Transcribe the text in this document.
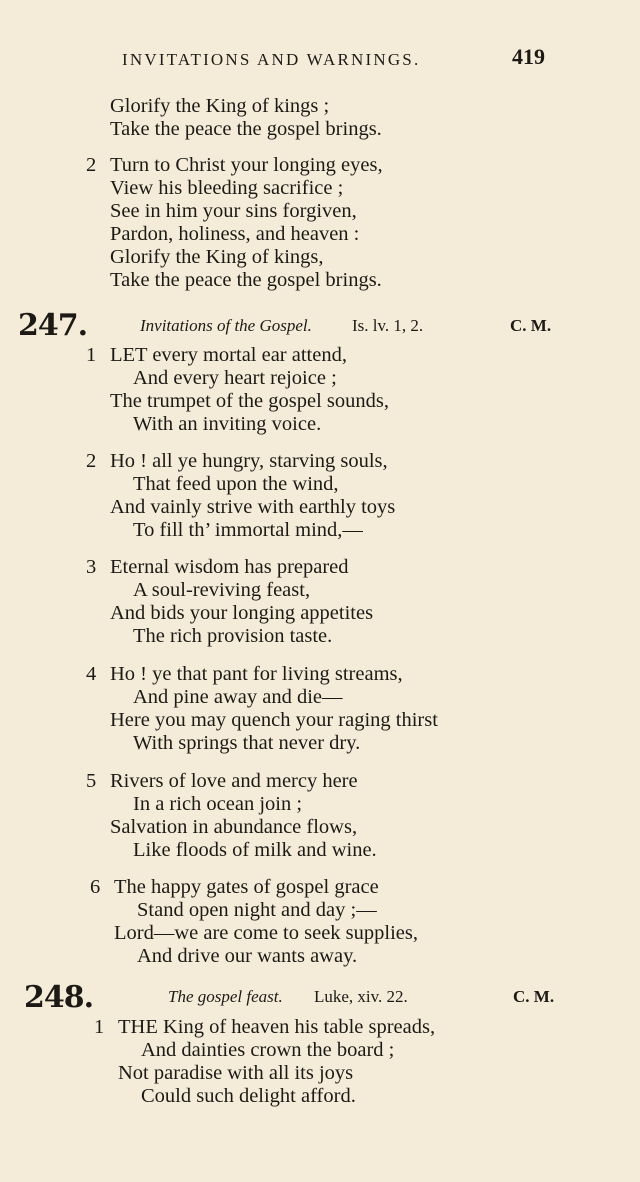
INVITATIONS AND WARNINGS.	419
Glorify the King of kings ;
Take the peace the gospel brings.
2 Turn to Christ your longing eyes,
View his bleeding sacrifice ;
See in him your sins forgiven,
Pardon, holiness, and heaven :
Glorify the King of kings,
Take the peace the gospel brings.
247.	Invitations of the Gospel. Is. lv. 1, 2.	C. M.
1 LET every mortal ear attend,
And every heart rejoice ;
The trumpet of the gospel sounds,
With an inviting voice.
2 Ho ! all ye hungry, starving souls,
That feed upon the wind,
And vainly strive with earthly toys
To fill th’ immortal mind,—
3 Eternal wisdom has prepared
A soul-reviving feast,
And bids your longing appetites
The rich provision taste.
4 Ho ! ye that pant for living streams,
And pine away and die—
Here you may quench your raging thirst
With springs that never dry.
5 Rivers of love and mercy here
In a rich ocean join ;
Salvation in abundance flows,
Like floods of milk and wine.
6 The happy gates of gospel grace
Stand open night and day ;—
Lord—we are come to seek supplies,
And drive our wants away.
248.	The gospel feast. Luke, xiv. 22.	C. M.
1 THE King of heaven his table spreads,
And dainties crown the board ;
Not paradise with all its joys
Could such delight afford.
